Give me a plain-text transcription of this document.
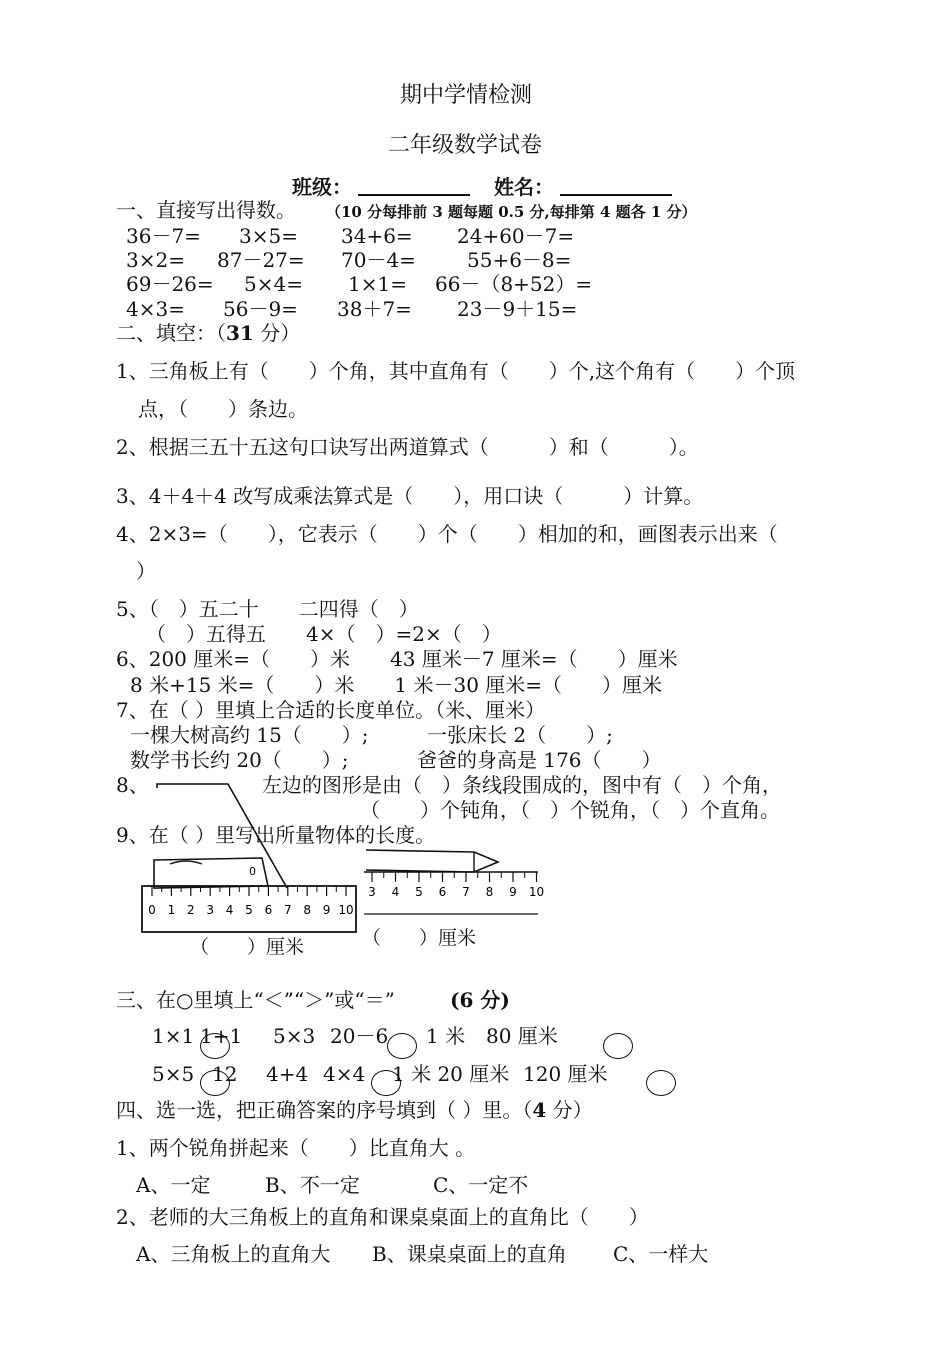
期中学情检测
二年级数学试卷
班级：	姓名：
一、直接写出得数。 （10 分每排前 3 题每题 0.5 分,每排第 4 题各 1 分）
36－7= 3×5= 34+6= 24+60－7=
3×2= 87－27= 70－4=	55+6－8=
69－26= 5×4= 1×1= 66－（8+52）=
4×3= 56－9= 38＋7= 23－9＋15=
二、填空：（31 分）
1、三角板上有（　　）个角，其中直角有（　　）个,这个角有（　　）个顶
点，（　　）条边。
2、根据三五十五这句口诀写出两道算式（　　　）和（　　　）。
3、4＋4＋4 改写成乘法算式是（　　），用口诀（　　　）计算。
4、2×3=（　　），它表示（　　）个（　　）相加的和，画图表示出来（
）
5、（　）五二十　　二四得（　）
（　）五得五　　4×（　）=2×（　）
6、200 厘米=（　　）米　　43 厘米－7 厘米=（　　）厘米
8 米+15 米=（　　）米　　1 米－30 厘米=（　　）厘米
7、在（ ）里填上合适的长度单位。（米、厘米）
一棵大树高约 15（　　）;	一张床长 2（　　）;
数学书长约 20（　　）;	爸爸的身高是 176（　　）
8、	左边的图形是由（　）条线段围成的，图中有（　）个角，
（　　）个钝角，（　）个锐角，（　）个直角。
9、在（ ）里写出所量物体的长度。
0
0 1 2 3 4 5 6 7 8 9 10
（　　）厘米
3 4 5 6 7 8 9 10
（　　）厘米
三、在○里填上“＜”“＞”或“＝”	(6 分)
1×1 1+1 5×3 20－6 1 米 80 厘米
5×5 12 4+4 4×4 1 米 20 厘米 120 厘米
四、选一选，把正确答案的序号填到（ ）里。（4 分）
1、两个锐角拼起来（　　）比直角大 。
A、一定	B、不一定	C、一定不
2、老师的大三角板上的直角和课桌桌面上的直角比（　　）
A、三角板上的直角大 B、课桌桌面上的直角 C、一样大
